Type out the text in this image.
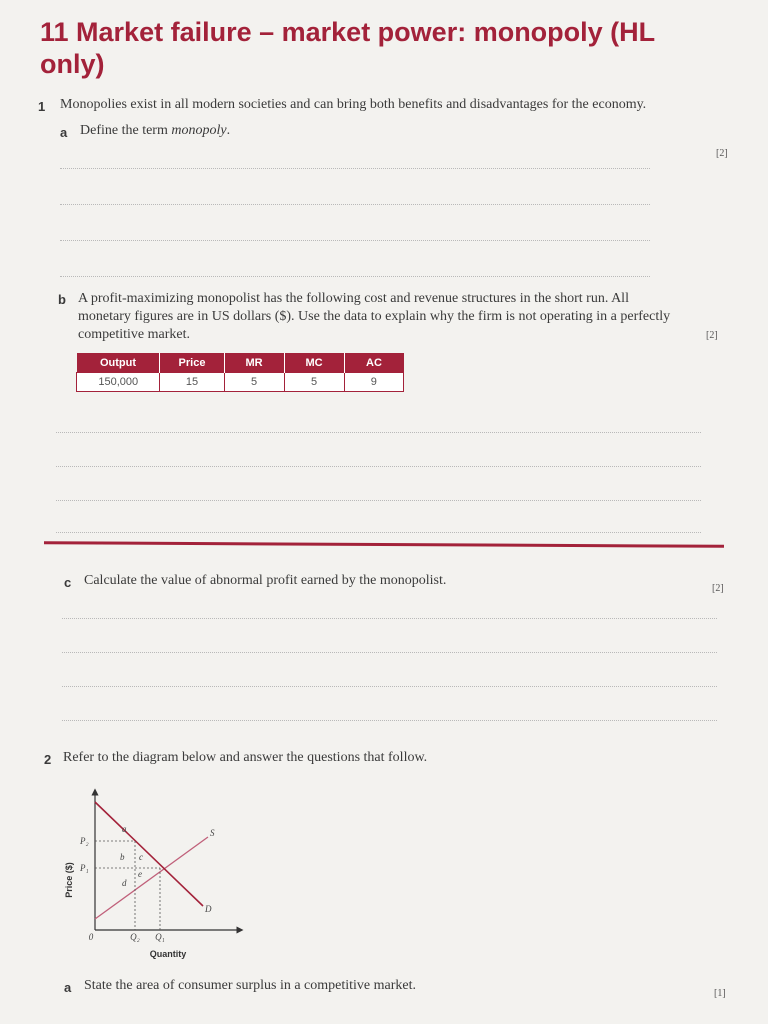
11 Market failure – market power: monopoly (HL only)
1 Monopolies exist in all modern societies and can bring both benefits and disadvantages for the economy.
a Define the term monopoly.
[2]
b A profit-maximizing monopolist has the following cost and revenue structures in the short run. All monetary figures are in US dollars ($). Use the data to explain why the firm is not operating in a perfectly competitive market.	[2]
Output	Price	MR	MC	AC
150,000	15	5	5	9
c Calculate the value of abnormal profit earned by the monopolist.
[2]
2 Refer to the diagram below and answer the questions that follow.
Price ($)
Quantity
0
P₂
P₁
Q₂ Q₁
S
D
a
b c
d
e
a State the area of consumer surplus in a competitive market.
[1]
